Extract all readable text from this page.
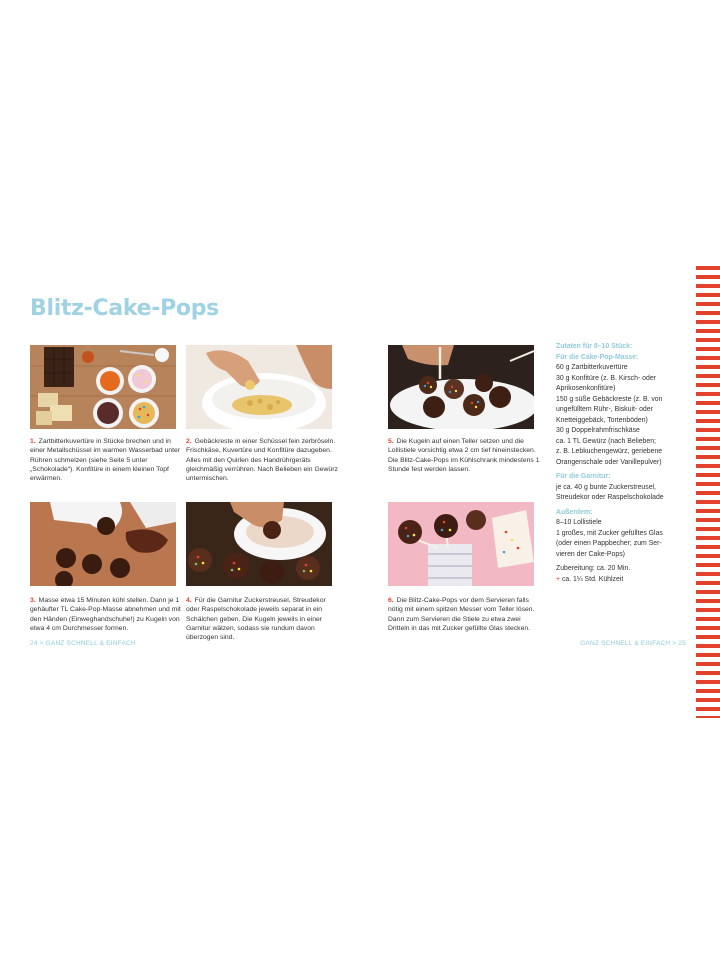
Blitz-Cake-Pops
1. Zartbitterkuvertüre in Stücke brechen und in einer Metallschüssel im warmen Wasserbad unter Rühren schmelzen (siehe Seite 5 unter „Schokolade“). Konfitüre in einem kleinen Topf erwärmen.
2. Gebäckreste in einer Schüssel fein zerbröseln. Frischkäse, Kuvertüre und Konfitüre dazugeben. Alles mit den Quirlen des Handrührgeräts gleichmäßig verrühren. Nach Belieben ein Gewürz untermischen.
5. Die Kugeln auf einen Teller setzen und die Lollistiele vorsichtig etwa 2 cm tief hineinstecken. Die Blitz-Cake-Pops im Kühlschrank mindestens 1 Stunde fest werden lassen.
3. Masse etwa 15 Minuten kühl stellen. Dann je 1 gehäufter TL Cake-Pop-Masse abnehmen und mit den Händen (Einweghandschuhe!) zu Kugeln von etwa 4 cm Durchmesser formen.
4. Für die Garnitur Zuckerstreusel, Streudekor oder Raspelschokolade jeweils separat in ein Schälchen geben. Die Kugeln jeweils in einer Garnitur wälzen, sodass sie rundum davon überzogen sind.
6. Die Blitz-Cake-Pops vor dem Servieren falls nötig mit einem spitzen Messer vom Teller lösen. Dann zum Servieren die Stiele zu etwa zwei Dritteln in das mit Zucker gefüllte Glas stecken.
Zutaten für 8–10 Stück:
Für die Cake-Pop-Masse:
60 g Zartbitterkuvertüre
30 g Konfitüre (z. B. Kirsch- oder
Aprikosenkonfitüre)
150 g süße Gebäckreste (z. B. von
ungefülltem Rühr-, Biskuit- oder
Knetteiggebäck, Tortenböden)
30 g Doppelrahmfrischkäse
ca. 1 TL Gewürz (nach Belieben;
z. B. Lebkuchengewürz, geriebene
Orangenschale oder Vanillepulver)
Für die Garnitur:
je ca. 40 g bunte Zuckerstreusel,
Streudekor oder Raspelschokolade
Außerdem:
8–10 Lollistiele
1 großes, mit Zucker gefülltes Glas
(oder einen Pappbecher; zum Ser-
vieren der Cake-Pops)
Zubereitung: ca. 20 Min.
+ ca. 1¼ Std. Kühlzeit
24 > GANZ SCHNELL & EINFACH	GANZ SCHNELL & EINFACH > 25
